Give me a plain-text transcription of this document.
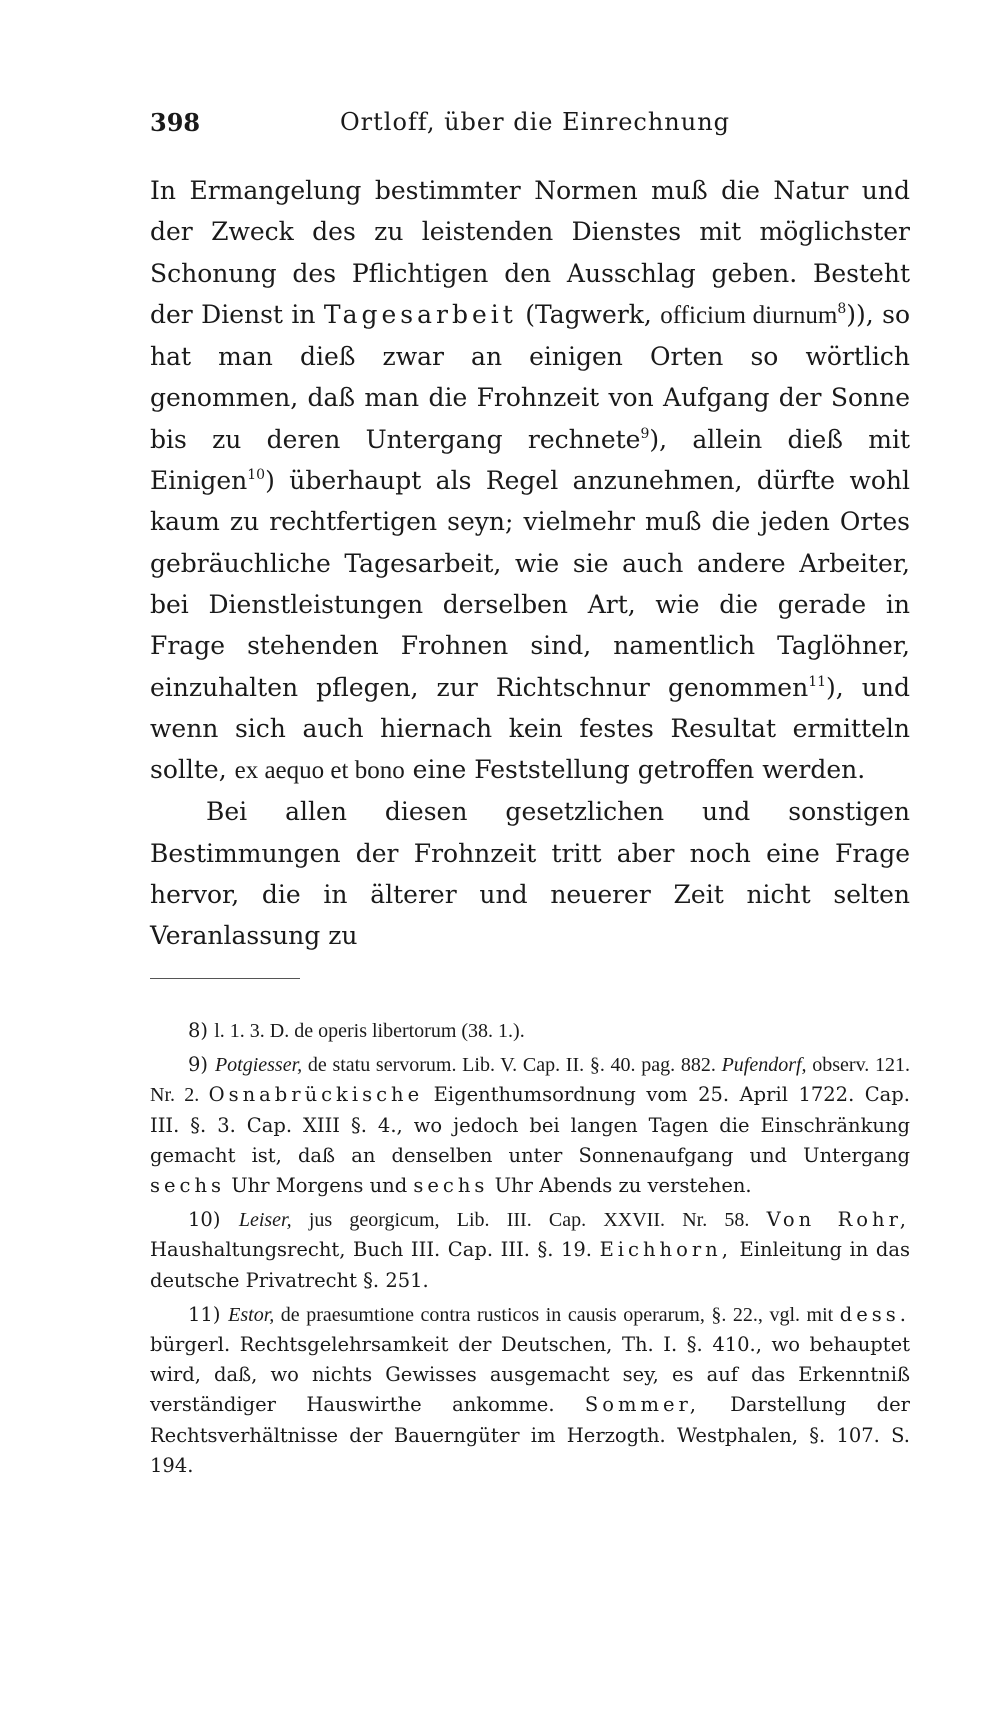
398	Ortloff, über die Einrechnung

In Ermangelung bestimmter Normen muß die Natur und der Zweck des zu leistenden Dienstes mit möglichster Schonung des Pflichtigen den Ausschlag geben. Besteht der Dienst in Tagesarbeit (Tagwerk, officium diurnum$^8$)), so hat man dieß zwar an einigen Orten so wörtlich genommen, daß man die Frohnzeit von Aufgang der Sonne bis zu deren Untergang rechnete$^9$), allein dieß mit Einigen$^{10}$) überhaupt als Regel anzunehmen, dürfte wohl kaum zu rechtfertigen seyn; vielmehr muß die jeden Ortes gebräuchliche Tagesarbeit, wie sie auch andere Arbeiter, bei Dienstleistungen derselben Art, wie die gerade in Frage stehenden Frohnen sind, namentlich Taglöhner, einzuhalten pflegen, zur Richtschnur genommen$^{11}$), und wenn sich auch hiernach kein festes Resultat ermitteln sollte, ex aequo et bono eine Feststellung getroffen werden.

Bei allen diesen gesetzlichen und sonstigen Bestimmungen der Frohnzeit tritt aber noch eine Frage hervor, die in älterer und neuerer Zeit nicht selten Veranlassung zu

8) l. 1. 3. D. de operis libertorum (38. 1.).

9) Potgiesser, de statu servorum. Lib. V. Cap. II. §. 40. pag. 882. Pufendorf, observ. 121. Nr. 2. Osnabrückische Eigenthumsordnung vom 25. April 1722. Cap. III. §. 3. Cap. XIII §. 4., wo jedoch bei langen Tagen die Einschränkung gemacht ist, daß an denselben unter Sonnenaufgang und Untergang sechs Uhr Morgens und sechs Uhr Abends zu verstehen.

10) Leiser, jus georgicum, Lib. III. Cap. XXVII. Nr. 58. Von Rohr, Haushaltungsrecht, Buch III. Cap. III. §. 19. Eichhorn, Einleitung in das deutsche Privatrecht §. 251.

11) Estor, de praesumtione contra rusticos in causis operarum, §. 22., vgl. mit dess. bürgerl. Rechtsgelehrsamkeit der Deutschen, Th. I. §. 410., wo behauptet wird, daß, wo nichts Gewisses ausgemacht sey, es auf das Erkenntniß verständiger Hauswirthe ankomme. Sommer, Darstellung der Rechtsverhältnisse der Bauerngüter im Herzogth. Westphalen, §. 107. S. 194.
